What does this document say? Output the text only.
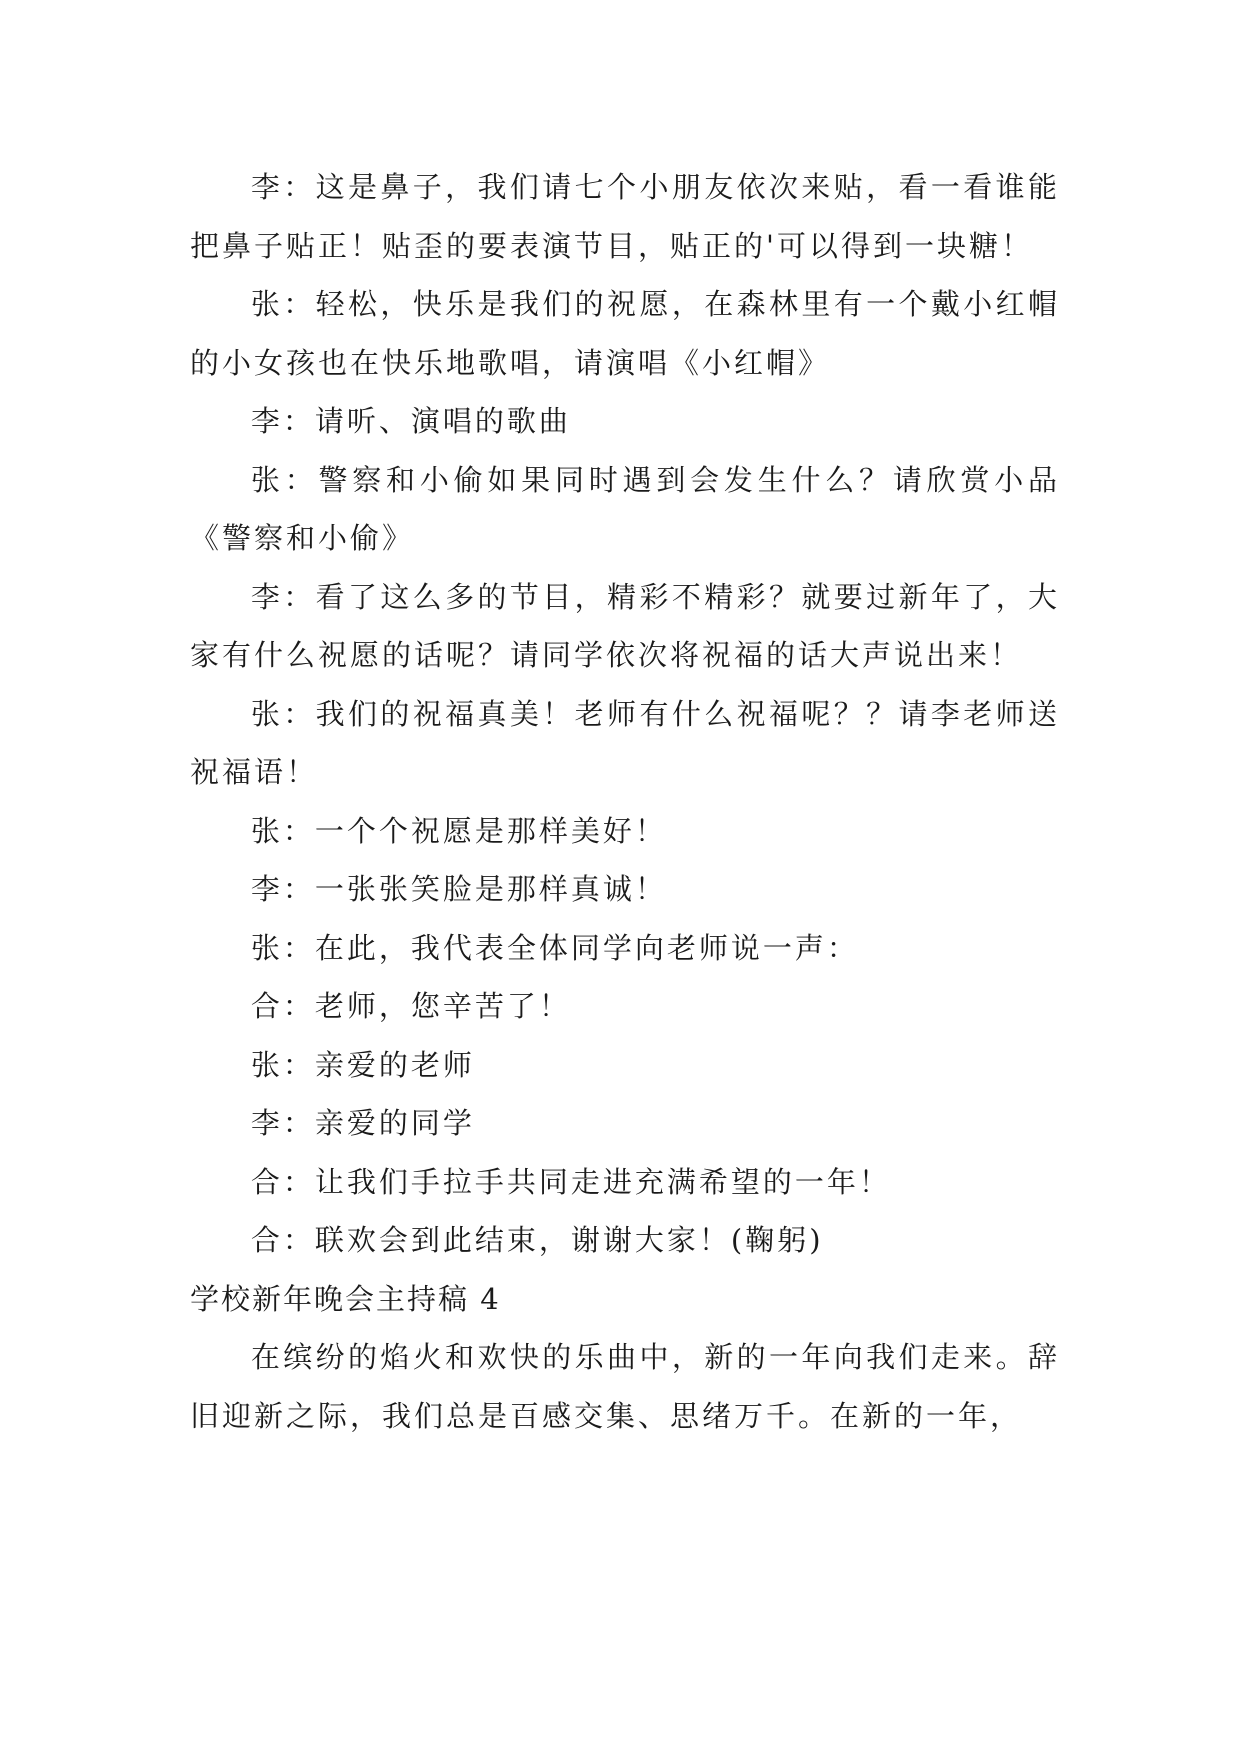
李：这是鼻子，我们请七个小朋友依次来贴，看一看谁能把鼻子贴正！贴歪的要表演节目，贴正的'可以得到一块糖！

张：轻松，快乐是我们的祝愿，在森林里有一个戴小红帽的小女孩也在快乐地歌唱，请演唱《小红帽》

李：请听、演唱的歌曲

张：警察和小偷如果同时遇到会发生什么？请欣赏小品《警察和小偷》

李：看了这么多的节目，精彩不精彩？就要过新年了，大家有什么祝愿的话呢？请同学依次将祝福的话大声说出来！

张：我们的祝福真美！老师有什么祝福呢？？请李老师送祝福语！

张：一个个祝愿是那样美好！

李：一张张笑脸是那样真诚！

张：在此，我代表全体同学向老师说一声：

合：老师，您辛苦了！

张：亲爱的老师

李：亲爱的同学

合：让我们手拉手共同走进充满希望的一年！

合：联欢会到此结束，谢谢大家！(鞠躬)

学校新年晚会主持稿 4

在缤纷的焰火和欢快的乐曲中，新的一年向我们走来。辞旧迎新之际，我们总是百感交集、思绪万千。在新的一年，
